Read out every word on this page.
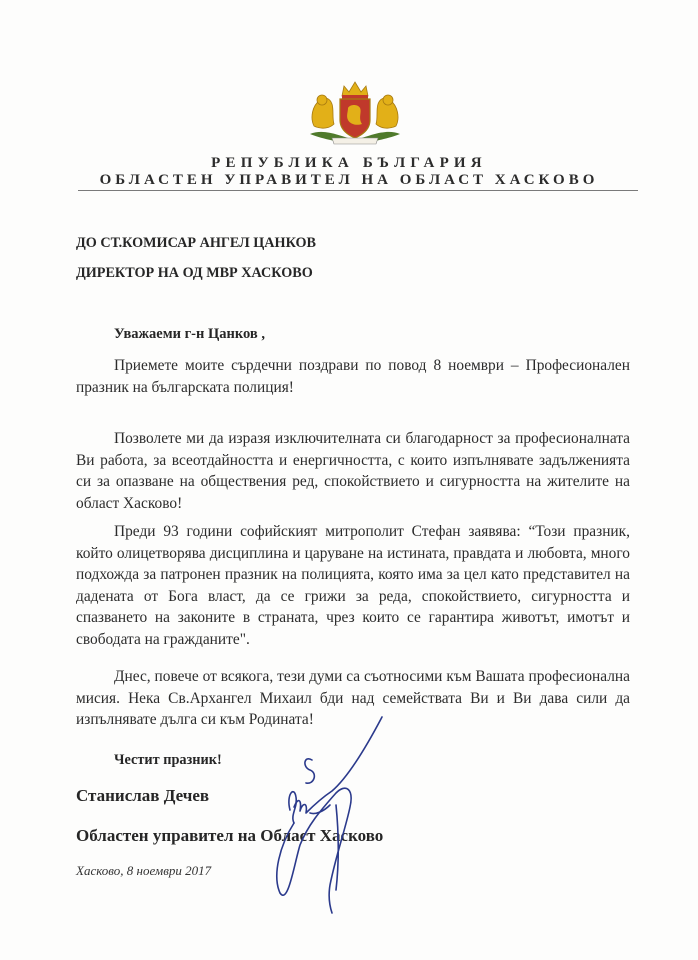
РЕПУБЛИКА БЪЛГАРИЯ
ОБЛАСТЕН УПРАВИТЕЛ НА ОБЛАСТ ХАСКОВО
ДО СТ.КОМИСАР АНГЕЛ ЦАНКОВ
ДИРЕКТОР НА ОД МВР ХАСКОВО
Уважаеми г-н Цанков ,

Приемете моите сърдечни поздрави по повод 8 ноември – Професионален празник на българската полиция!

Позволете ми да изразя изключителната си благодарност за професионалната Ви работа, за всеотдайността и енергичността, с които изпълнявате задълженията си за опазване на обществения ред, спокойствието и сигурността на жителите на област Хасково!

Преди 93 години софийският митрополит Стефан заявява: “Този празник, който олицетворява дисциплина и царуване на истината, правдата и любовта, много подхожда за патронен празник на полицията, която има за цел като представител на дадената от Бога власт, да се грижи за реда, спокойствието, сигурността и спазването на законите в страната, чрез които се гарантира животът, имотът и свободата на гражданите".

Днес, повече от всякога, тези думи са съотносими към Вашата професионална мисия. Нека Св.Архангел Михаил бди над семействата Ви и Ви дава сили да изпълнявате дълга си към Родината!

Честит празник!
Станислав Дечев
Областен управител на Област Хасково
Хасково, 8 ноември 2017
